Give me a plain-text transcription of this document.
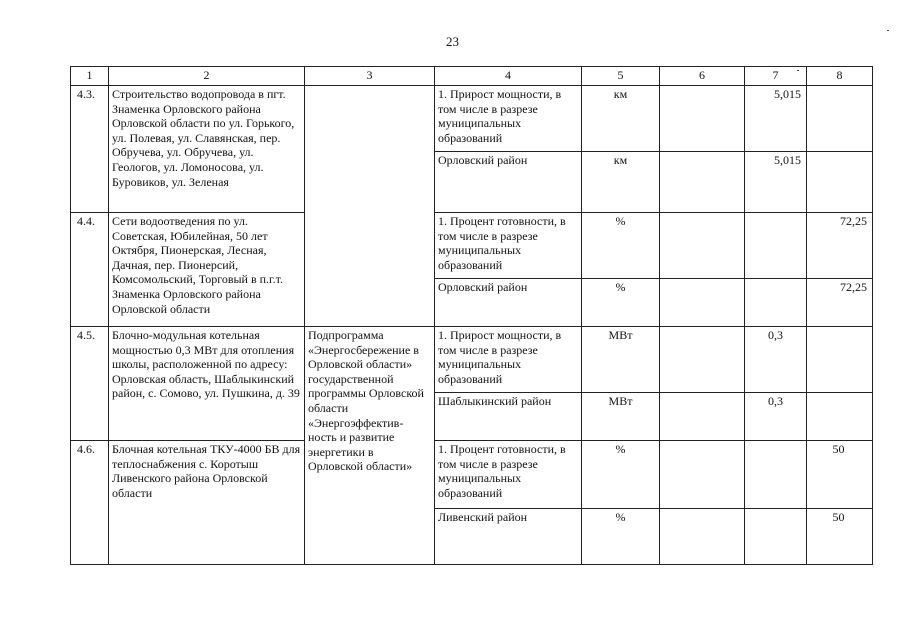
23
1	2	3	4	5	6	7	8
4.3.	Строительство водопровода в пгт. Знаменка Орловского района Орловской области по ул. Горького, ул. Полевая, ул. Славянская, пер. Обручева, ул. Обручева, ул. Геологов, ул. Ломоносова, ул. Буровиков, ул. Зеленая		1. Прирост мощности, в том числе в разрезе муниципальных образований	км		5,015	
			Орловский район	км		5,015	
4.4.	Сети водоотведения по ул. Советская, Юбилейная, 50 лет Октября, Пионерская, Лесная, Дачная, пер. Пионерсий, Комсомольский, Торговый в п.г.т. Знаменка Орловского района Орловской области		1. Процент готовности, в том числе в разрезе муниципальных образований	%			72,25
			Орловский район	%			72,25
4.5.	Блочно-модульная котельная мощностью 0,3 МВт для отопления школы, расположенной по адресу: Орловская область, Шаблыкинский район, с. Сомово, ул. Пушкина, д. 39	Подпрограмма «Энергосбережение в Орловской области» государственной программы Орловской области «Энергоэффектив-ность и развитие энергетики в Орловской области»	1. Прирост мощности, в том числе в разрезе муниципальных образований	МВт		0,3	
			Шаблыкинский район	МВт		0,3	
4.6.	Блочная котельная ТКУ-4000 БВ для теплоснабжения с. Коротыш Ливенского района Орловской области		1. Процент готовности, в том числе в разрезе муниципальных образований	%			50
			Ливенский район	%			50
